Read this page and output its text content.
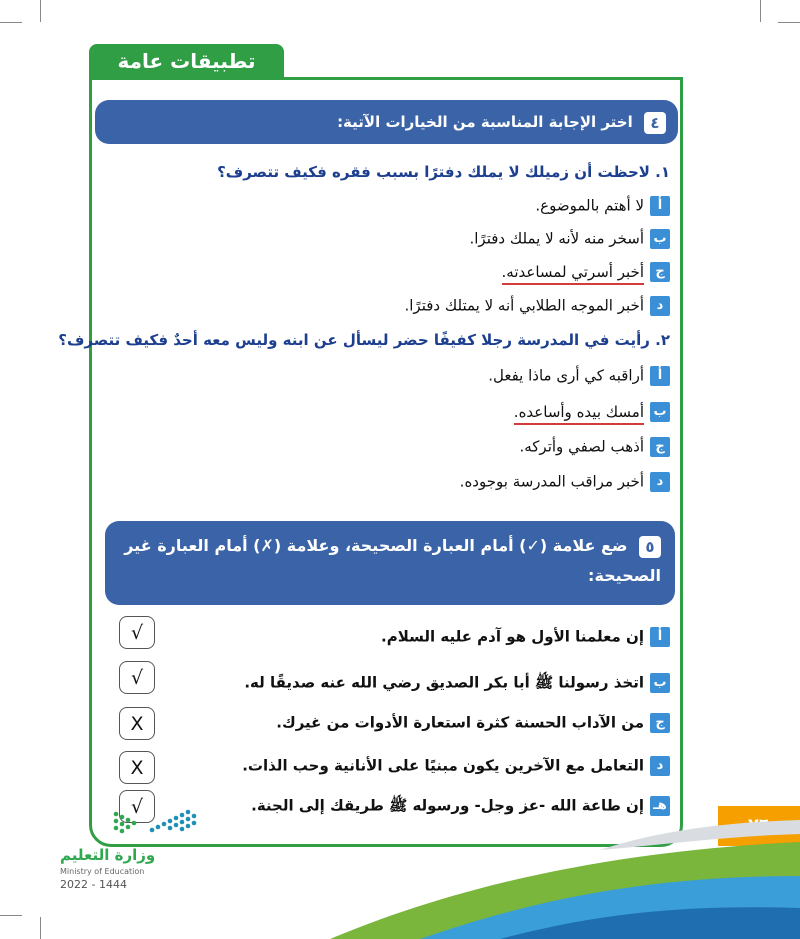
تطبيقات عامة
٤ اختر الإجابة المناسبة من الخيارات الآتية:
١. لاحظت أن زميلك لا يملك دفترًا بسبب فقره فكيف تتصرف؟
ألا أهتم بالموضوع.
بأسخر منه لأنه لا يملك دفترًا.
جأخبر أسرتي لمساعدته.
دأخبر الموجه الطلابي أنه لا يمتلك دفترًا.
٢. رأيت في المدرسة رجلا كفيفًا حضر ليسأل عن ابنه وليس معه أحدٌ فكيف تتصرف؟
أأراقبه كي أرى ماذا يفعل.
بأمسك بيده وأساعده.
جأذهب لصفي وأتركه.
دأخبر مراقب المدرسة بوجوده.
٥ ضع علامة (✓) أمام العبارة الصحيحة، وعلامة (✗) أمام العبارة غير الصحيحة:
أإن معلمنا الأول هو آدم عليه السلام.
باتخذ رسولنا ﷺ أبا بكر الصديق رضي الله عنه صديقًا له.
جمن الآداب الحسنة كثرة استعارة الأدوات من غيرك.
دالتعامل مع الآخرين يكون مبنيًا على الأنانية وحب الذات.
هـإن طاعة الله -عز وجل- ورسوله ﷺ طريقك إلى الجنة.
√
√
X
X
√
وزارة التعليم
Ministry of Education
2022 - 1444
